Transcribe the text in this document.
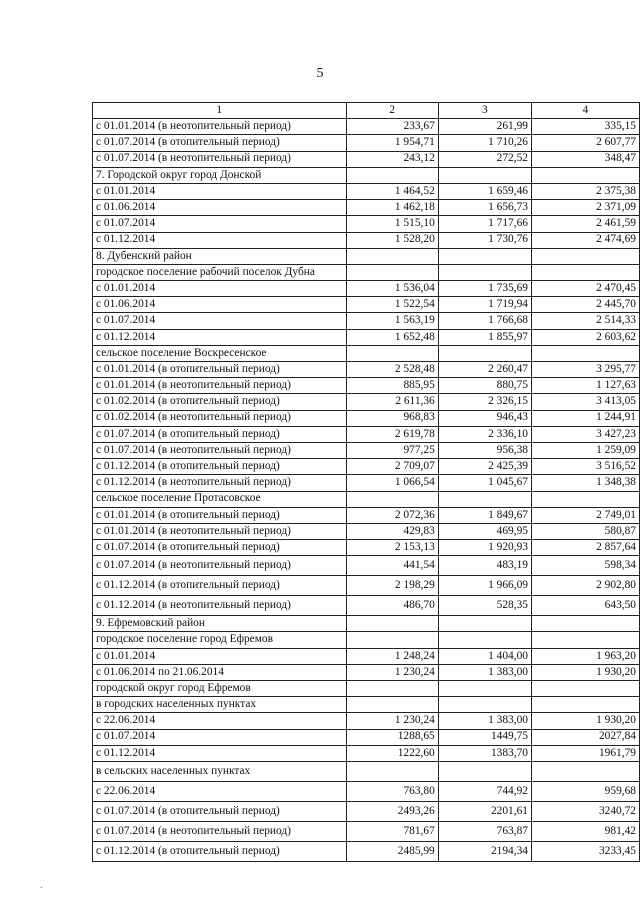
5
1	2	3	4
с 01.01.2014 (в неотопительный период)	233,67	261,99	335,15
с 01.07.2014 (в отопительный период)	1 954,71	1 710,26	2 607,77
с 01.07.2014 (в неотопительный период)	243,12	272,52	348,47
7. Городской округ город Донской			
с 01.01.2014	1 464,52	1 659,46	2 375,38
с 01.06.2014	1 462,18	1 656,73	2 371,09
с 01.07.2014	1 515,10	1 717,66	2 461,59
с 01.12.2014	1 528,20	1 730,76	2 474,69
8. Дубенский район			
городское поселение рабочий поселок Дубна			
с 01.01.2014	1 536,04	1 735,69	2 470,45
с 01.06.2014	1 522,54	1 719,94	2 445,70
с 01.07.2014	1 563,19	1 766,68	2 514,33
с 01.12.2014	1 652,48	1 855,97	2 603,62
сельское поселение Воскресенское			
с 01.01.2014 (в отопительный период)	2 528,48	2 260,47	3 295,77
с 01.01.2014 (в неотопительный период)	885,95	880,75	1 127,63
с 01.02.2014 (в отопительный период)	2 611,36	2 326,15	3 413,05
с 01.02.2014 (в неотопительный период)	968,83	946,43	1 244,91
с 01.07.2014 (в отопительный период)	2 619,78	2 336,10	3 427,23
с 01.07.2014 (в неотопительный период)	977,25	956,38	1 259,09
с 01.12.2014 (в отопительный период)	2 709,07	2 425,39	3 516,52
с 01.12.2014 (в неотопительный период)	1 066,54	1 045,67	1 348,38
сельское поселение Протасовское			
с 01.01.2014 (в отопительный период)	2 072,36	1 849,67	2 749,01
с 01.01.2014 (в неотопительный период)	429,83	469,95	580,87
с 01.07.2014 (в отопительный период)	2 153,13	1 920,93	2 857,64
с 01.07.2014 (в неотопительный период)	441,54	483,19	598,34
с 01.12.2014 (в отопительный период)	2 198,29	1 966,09	2 902,80
с 01.12.2014 (в неотопительный период)	486,70	528,35	643,50
9. Ефремовский район			
городское поселение город Ефремов			
с 01.01.2014	1 248,24	1 404,00	1 963,20
с 01.06.2014 по 21.06.2014	1 230,24	1 383,00	1 930,20
городской округ город Ефремов			
в городских населенных пунктах			
с 22.06.2014	1 230,24	1 383,00	1 930,20
с 01.07.2014	1288,65	1449,75	2027,84
с 01.12.2014	1222,60	1383,70	1961,79
в сельских населенных пунктах			
с 22.06.2014	763,80	744,92	959,68
с 01.07.2014 (в отопительный период)	2493,26	2201,61	3240,72
с 01.07.2014 (в неотопительный период)	781,67	763,87	981,42
с 01.12.2014 (в отопительный период)	2485,99	2194,34	3233,45
.
